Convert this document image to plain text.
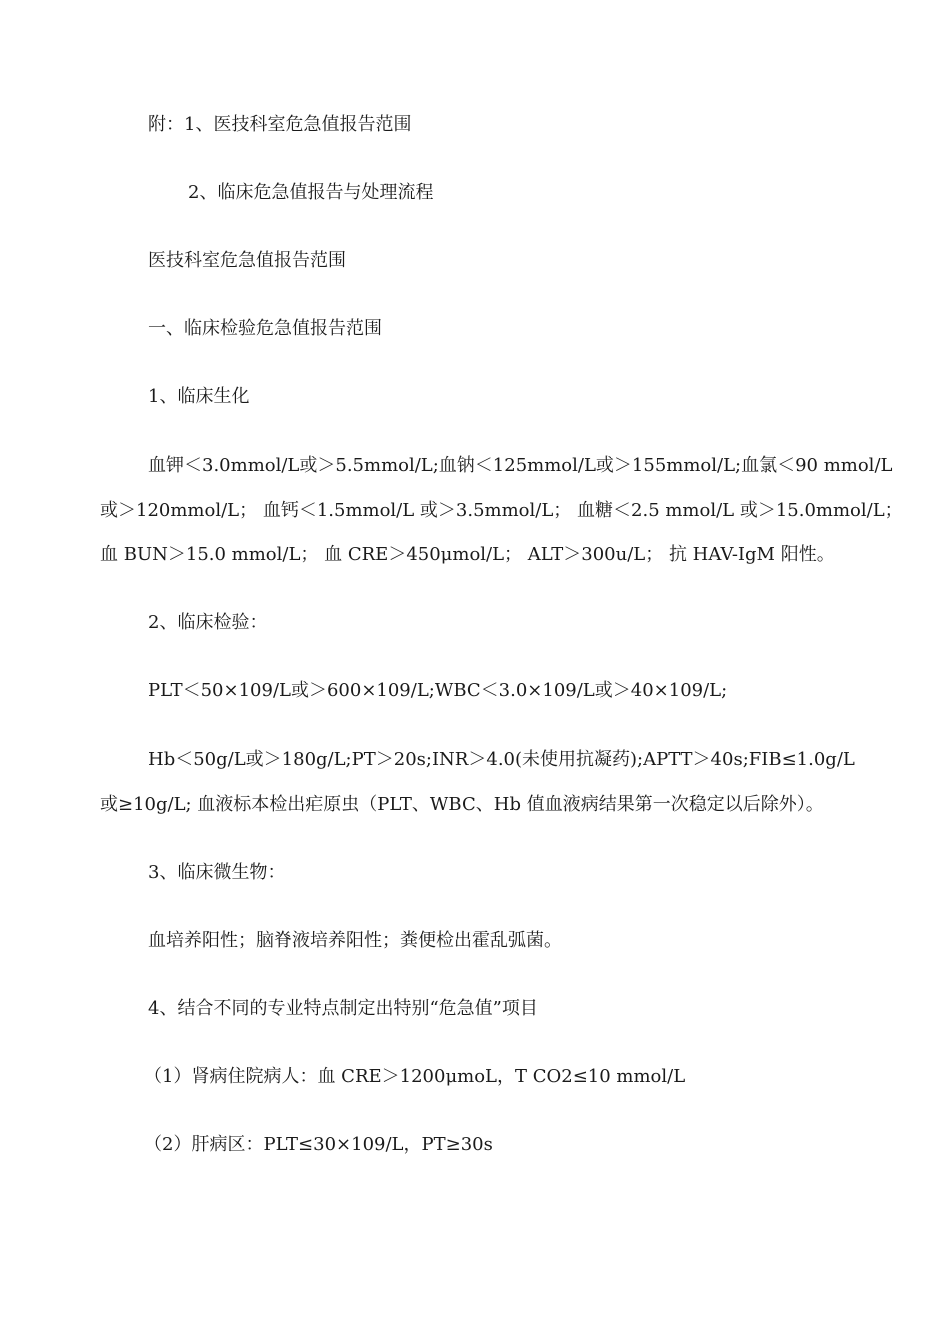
附：1、医技科室危急值报告范围
2、临床危急值报告与处理流程
医技科室危急值报告范围
一、临床检验危急值报告范围
1、临床生化
血钾＜3.0mmol/L或＞5.5mmol/L;血钠＜125mmol/L或＞155mmol/L;血氯＜90 mmol/L
或＞120mmol/L； 血钙＜1.5mmol/L 或＞3.5mmol/L； 血糖＜2.5 mmol/L 或＞15.0mmol/L；
血 BUN＞15.0 mmol/L； 血 CRE＞450μmol/L； ALT＞300u/L； 抗 HAV-IgM 阳性。
2、临床检验：
PLT＜50×109/L或＞600×109/L;WBC＜3.0×109/L或＞40×109/L;
Hb＜50g/L或＞180g/L;PT＞20s;INR＞4.0(未使用抗凝药);APTT＞40s;FIB≤1.0g/L
或≥10g/L; 血液标本检出疟原虫（PLT、WBC、Hb 值血液病结果第一次稳定以后除外）。
3、临床微生物：
血培养阳性；脑脊液培养阳性；粪便检出霍乱弧菌。
4、结合不同的专业特点制定出特别“危急值”项目
（1）肾病住院病人：血 CRE＞1200μmoL，T CO2≤10 mmol/L
（2）肝病区：PLT≤30×109/L，PT≥30s
